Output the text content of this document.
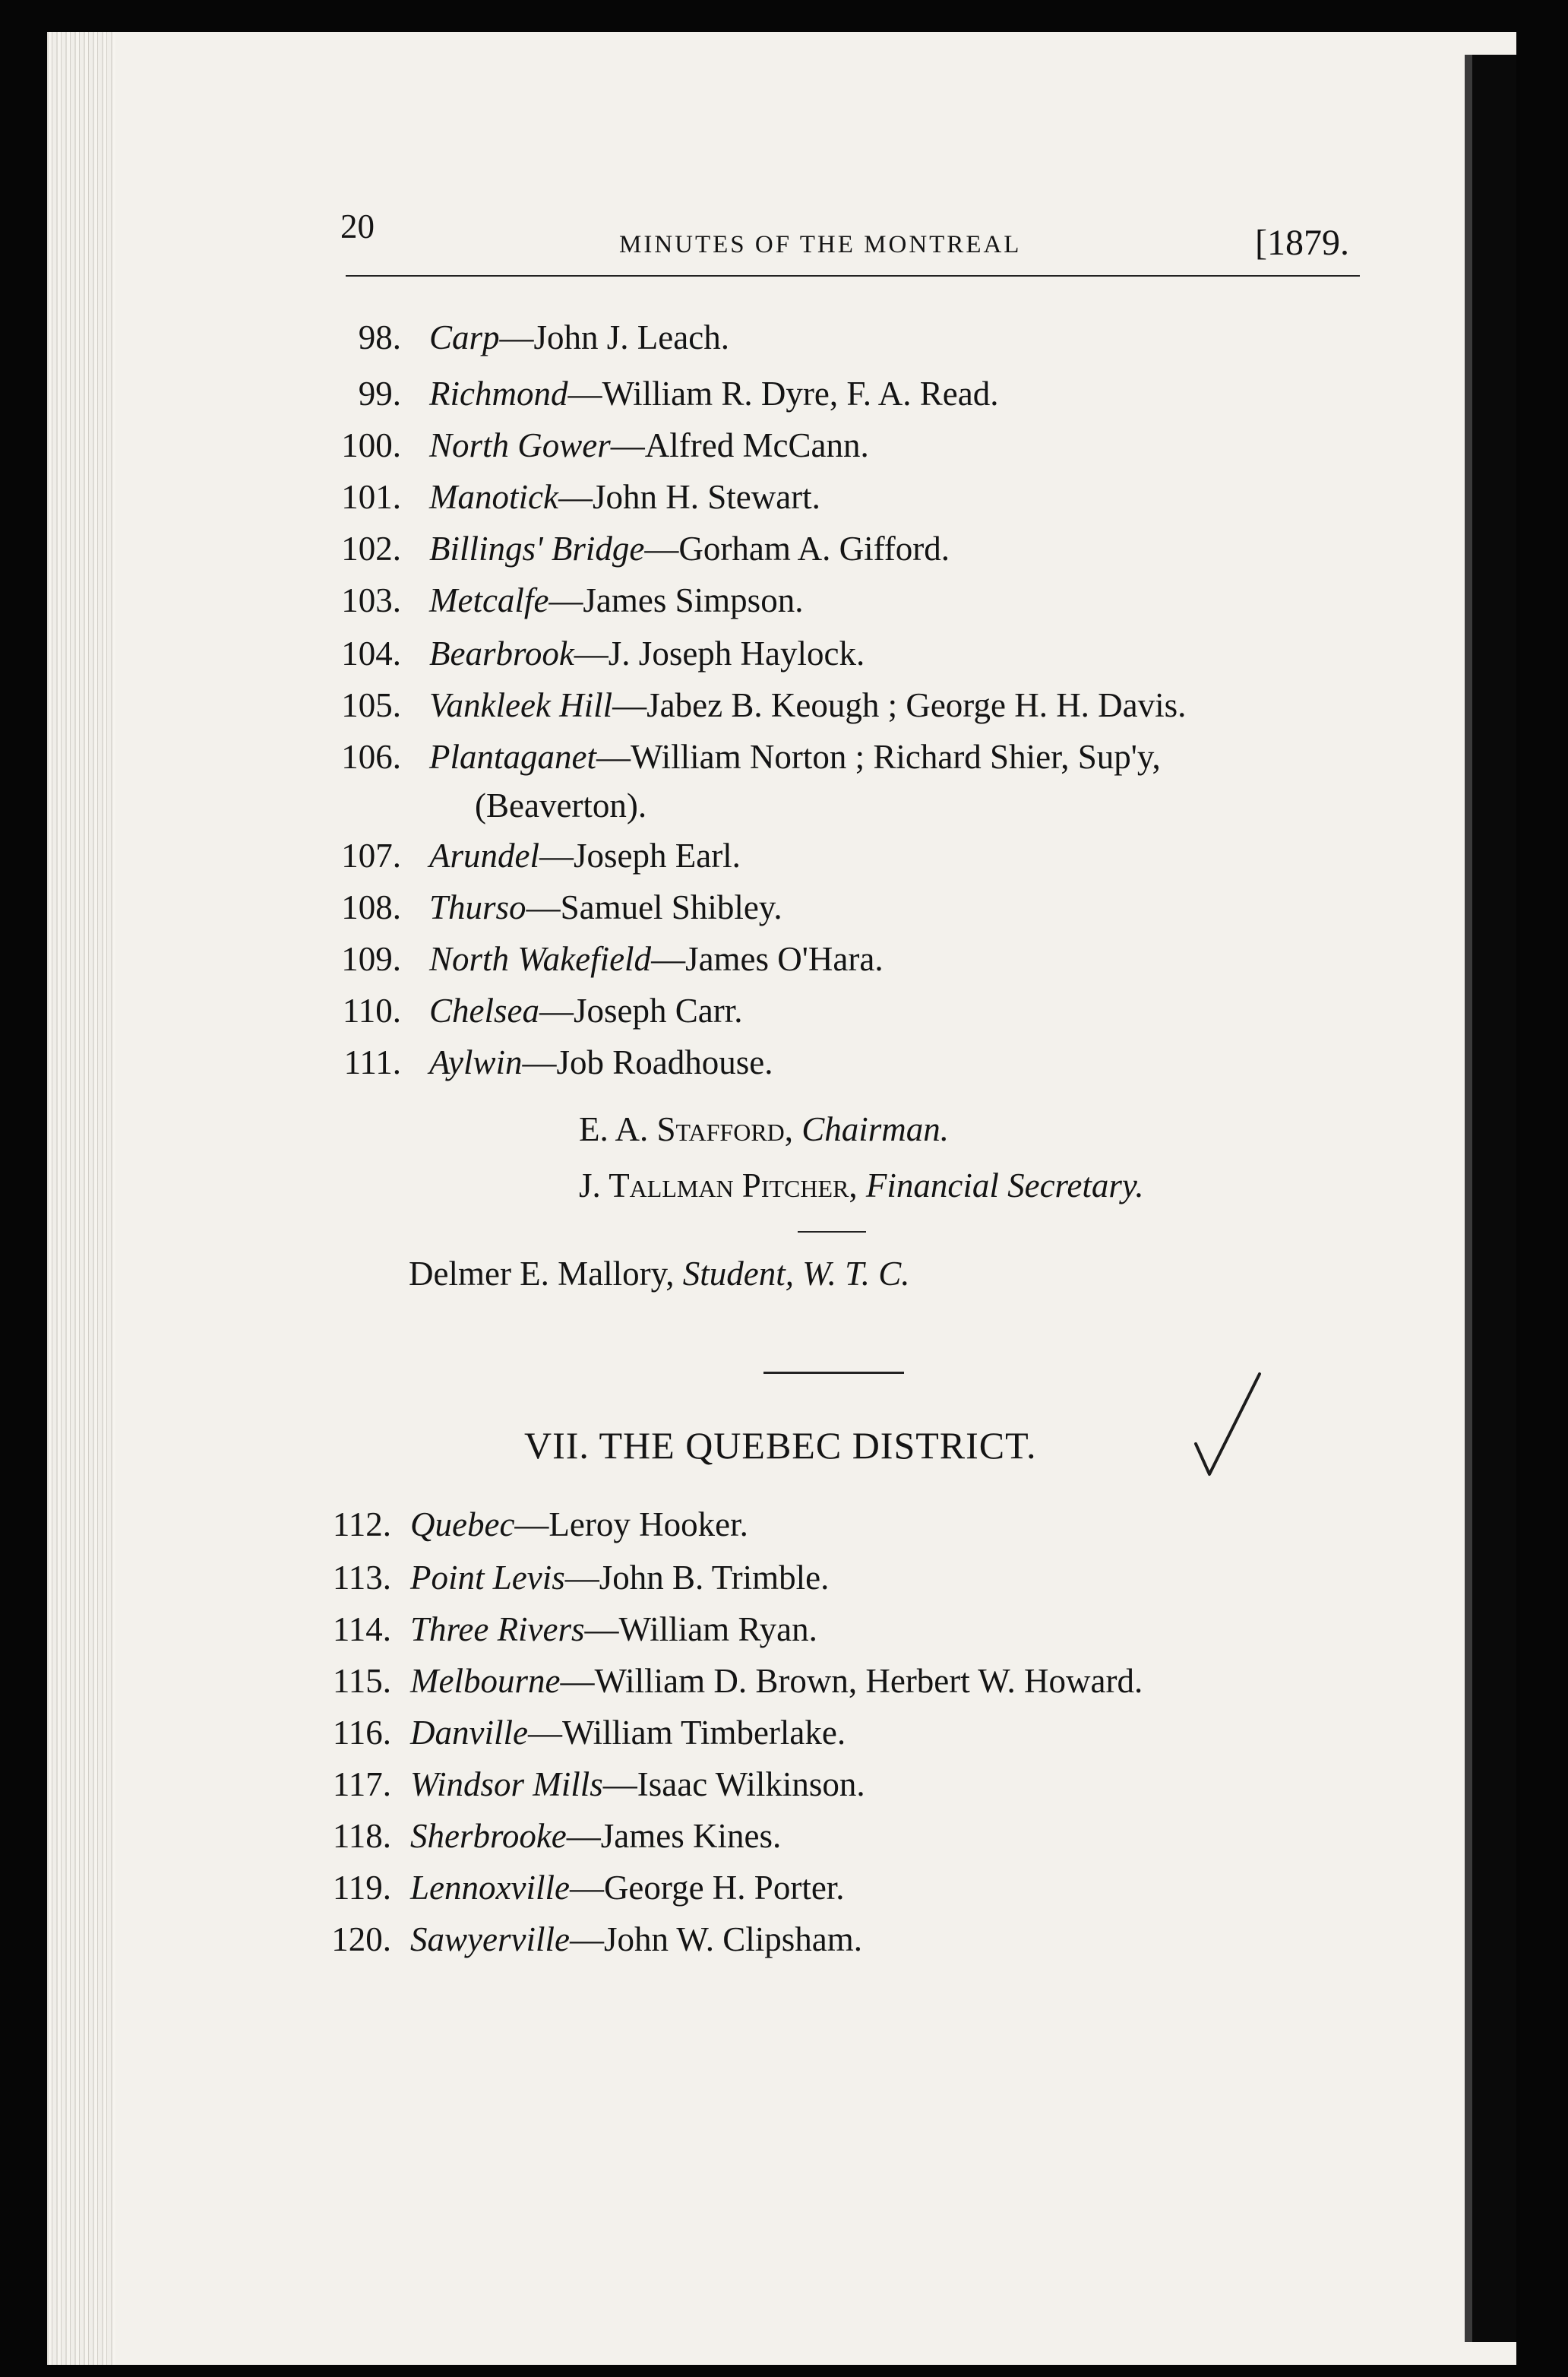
20	MINUTES OF THE MONTREAL	[1879.
98. Carp—John J. Leach.
99. Richmond—William R. Dyre, F. A. Read.
100. North Gower—Alfred McCann.
101. Manotick—John H. Stewart.
102. Billings' Bridge—Gorham A. Gifford.
103. Metcalfe—James Simpson.
104. Bearbrook—J. Joseph Haylock.
105. Vankleek Hill—Jabez B. Keough ; George H. H. Davis.
106. Plantaganet—William Norton ; Richard Shier, Sup'y,
(Beaverton).
107. Arundel—Joseph Earl.
108. Thurso—Samuel Shibley.
109. North Wakefield—James O'Hara.
110. Chelsea—Joseph Carr.
111. Aylwin—Job Roadhouse.
E. A. Stafford, Chairman.
J. Tallman Pitcher, Financial Secretary.
Delmer E. Mallory, Student, W. T. C.
VII. THE QUEBEC DISTRICT.
112. Quebec—Leroy Hooker.
113. Point Levis—John B. Trimble.
114. Three Rivers—William Ryan.
115. Melbourne—William D. Brown, Herbert W. Howard.
116. Danville—William Timberlake.
117. Windsor Mills—Isaac Wilkinson.
118. Sherbrooke—James Kines.
119. Lennoxville—George H. Porter.
120. Sawyerville—John W. Clipsham.
